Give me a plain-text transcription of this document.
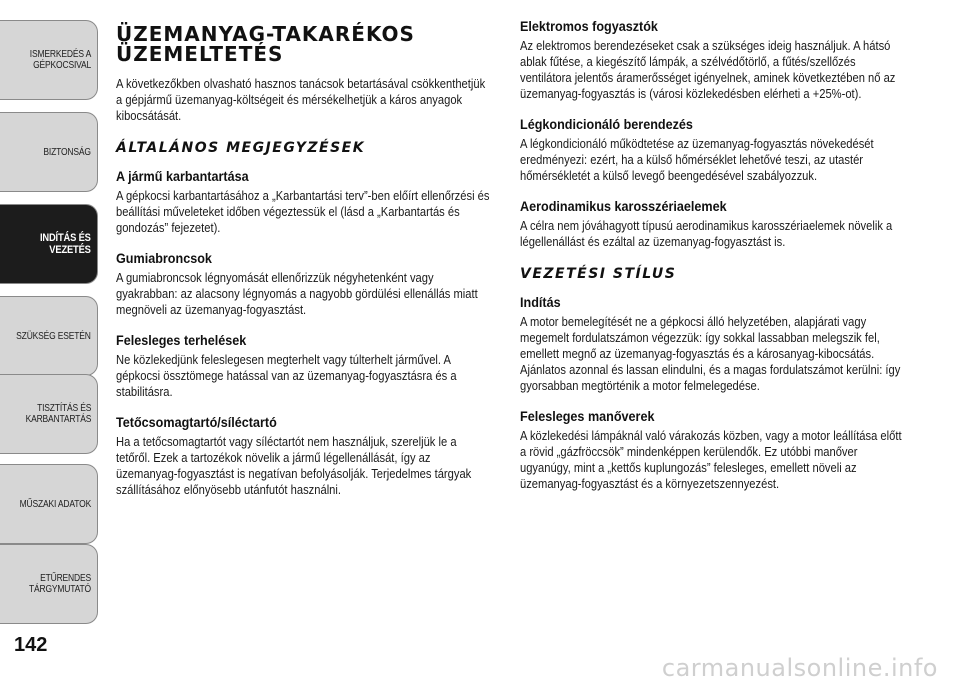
ISMERKEDÉS A
GÉPKOCSIVAL
BIZTONSÁG
INDÍTÁS ÉS
VEZETÉS
SZÜKSÉG ESETÉN
TISZTÍTÁS ÉS
KARBANTARTÁS
MŰSZAKI ADATOK
ETŰRENDES
TÁRGYMUTATÓ
142
ÜZEMANYAG-TAKARÉKOS
ÜZEMELTETÉS

A következőkben olvasható hasznos tanácsok betartásával csökkenthetjük a gépjármű üzemanyag-költségeit és mérsékelhetjük a káros anyagok kibocsátását.

ÁLTALÁNOS MEGJEGYZÉSEK
A jármű karbantartása

A gépkocsi karbantartásához a „Karbantartási terv”-ben előírt ellenőrzési és beállítási műveleteket időben végeztessük el (lásd a „Karbantartás és gondozás” fejezetet).

Gumiabroncsok

A gumiabroncsok légnyomását ellenőrizzük négyhetenként vagy gyakrabban: az alacsony légnyomás a nagyobb gördülési ellenállás miatt megnöveli az üzemanyag-fogyasztást.

Felesleges terhelések

Ne közlekedjünk feleslegesen megterhelt vagy túlterhelt járművel. A gépkocsi össztömege hatással van az üzemanyag-fogyasztásra és a stabilitásra.

Tetőcsomagtartó/síléctartó

Ha a tetőcsomagtartót vagy síléctartót nem használjuk, szereljük le a tetőről. Ezek a tartozékok növelik a jármű légellenállását, így az üzemanyag-fogyasztást is negatívan befolyásolják. Terjedelmes tárgyak szállításához előnyösebb utánfutót használni.

Elektromos fogyasztók

Az elektromos berendezéseket csak a szükséges ideig használjuk. A hátsó ablak fűtése, a kiegészítő lámpák, a szélvédőtörlő, a fűtés/szellőzés ventilátora jelentős áramerősséget igényelnek, aminek következtében nő az üzemanyag-fogyasztás is (városi közlekedésben elérheti a +25%-ot).

Légkondicionáló berendezés

A légkondicionáló működtetése az üzemanyag-fogyasztás növekedését eredményezi: ezért, ha a külső hőmérséklet lehetővé teszi, az utastér hőmérsékletét a külső levegő beengedésével szabályozzuk.

Aerodinamikus karosszériaelemek

A célra nem jóváhagyott típusú aerodinamikus karosszériaelemek növelik a légellenállást és ezáltal az üzemanyag-fogyasztást is.

VEZETÉSI STÍLUS
Indítás

A motor bemelegítését ne a gépkocsi álló helyzetében, alapjárati vagy megemelt fordulatszámon végezzük: így sokkal lassabban melegszik fel, emellett megnő az üzemanyag-fogyasztás és a károsanyag-kibocsátás. Ajánlatos azonnal és lassan elindulni, és a magas fordulatszámot kerülni: így gyorsabban megtörténik a motor felmelegedése.

Felesleges manőverek

A közlekedési lámpáknál való várakozás közben, vagy a motor leállítása előtt a rövid „gázfröccsök” mindenképpen kerülendők. Ez utóbbi manőver ugyanúgy, mint a „kettős kuplungozás” felesleges, emellett növeli az üzemanyag-fogyasztást és a környezetszennyezést.

carmanualsonline.info
